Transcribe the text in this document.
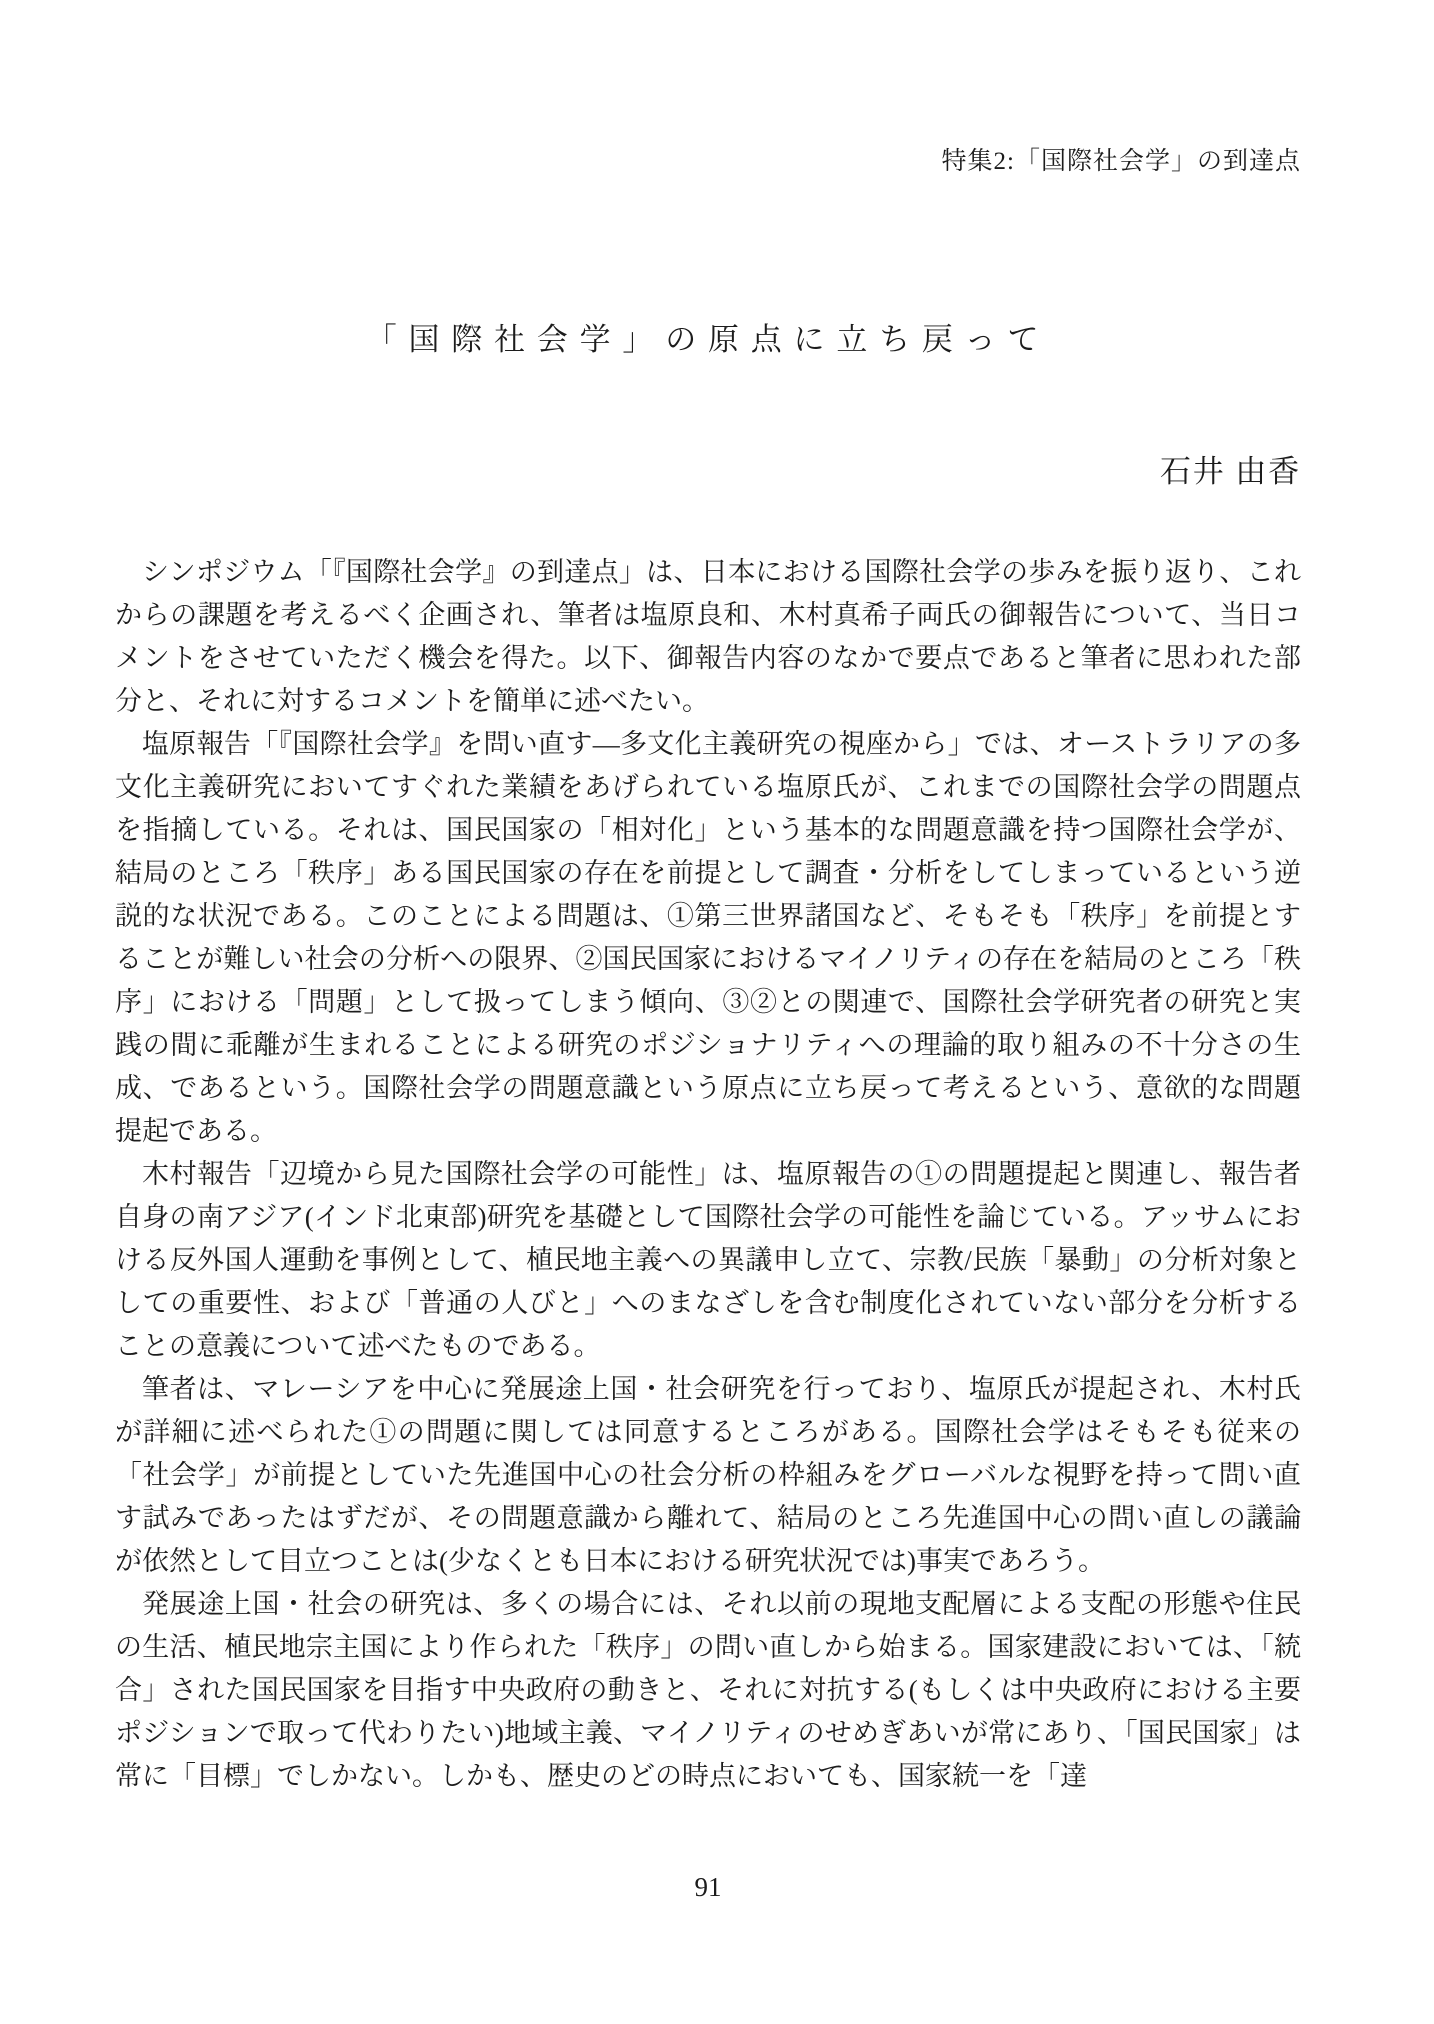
特集2:「国際社会学」の到達点
「国際社会学」の原点に立ち戻って
石井 由香

シンポジウム「『国際社会学』の到達点」は、日本における国際社会学の歩みを振り返り、これからの課題を考えるべく企画され、筆者は塩原良和、木村真希子両氏の御報告について、当日コメントをさせていただく機会を得た。以下、御報告内容のなかで要点であると筆者に思われた部分と、それに対するコメントを簡単に述べたい。

塩原報告「『国際社会学』を問い直す―多文化主義研究の視座から」では、オーストラリアの多文化主義研究においてすぐれた業績をあげられている塩原氏が、これまでの国際社会学の問題点を指摘している。それは、国民国家の「相対化」という基本的な問題意識を持つ国際社会学が、結局のところ「秩序」ある国民国家の存在を前提として調査・分析をしてしまっているという逆説的な状況である。このことによる問題は、①第三世界諸国など、そもそも「秩序」を前提とすることが難しい社会の分析への限界、②国民国家におけるマイノリティの存在を結局のところ「秩序」における「問題」として扱ってしまう傾向、③②との関連で、国際社会学研究者の研究と実践の間に乖離が生まれることによる研究のポジショナリティへの理論的取り組みの不十分さの生成、であるという。国際社会学の問題意識という原点に立ち戻って考えるという、意欲的な問題提起である。

木村報告「辺境から見た国際社会学の可能性」は、塩原報告の①の問題提起と関連し、報告者自身の南アジア(インド北東部)研究を基礎として国際社会学の可能性を論じている。アッサムにおける反外国人運動を事例として、植民地主義への異議申し立て、宗教/民族「暴動」の分析対象としての重要性、および「普通の人びと」へのまなざしを含む制度化されていない部分を分析することの意義について述べたものである。

筆者は、マレーシアを中心に発展途上国・社会研究を行っており、塩原氏が提起され、木村氏が詳細に述べられた①の問題に関しては同意するところがある。国際社会学はそもそも従来の「社会学」が前提としていた先進国中心の社会分析の枠組みをグローバルな視野を持って問い直す試みであったはずだが、その問題意識から離れて、結局のところ先進国中心の問い直しの議論が依然として目立つことは(少なくとも日本における研究状況では)事実であろう。

発展途上国・社会の研究は、多くの場合には、それ以前の現地支配層による支配の形態や住民の生活、植民地宗主国により作られた「秩序」の問い直しから始まる。国家建設においては、「統合」された国民国家を目指す中央政府の動きと、それに対抗する(もしくは中央政府における主要ポジションで取って代わりたい)地域主義、マイノリティのせめぎあいが常にあり、「国民国家」は常に「目標」でしかない。しかも、歴史のどの時点においても、国家統一を「達

91
